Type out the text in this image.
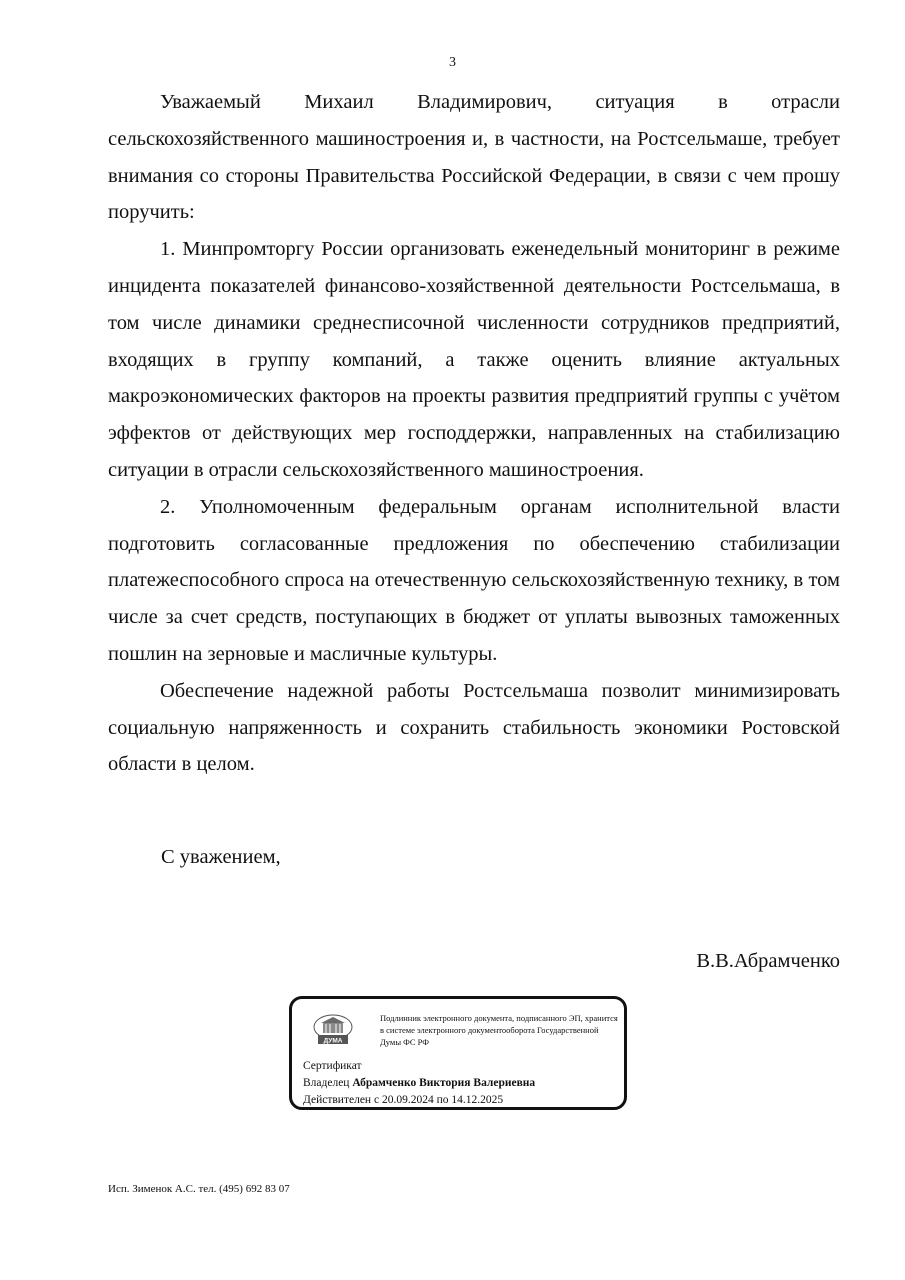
3

Уважаемый Михаил Владимирович, ситуация в отрасли сельскохозяйственного машиностроения и, в частности, на Ростсельмаше, требует внимания со стороны Правительства Российской Федерации, в связи с чем прошу поручить:

1. Минпромторгу России организовать еженедельный мониторинг в режиме инцидента показателей финансово-хозяйственной деятельности Ростсельмаша, в том числе динамики среднесписочной численности сотрудников предприятий, входящих в группу компаний, а также оценить влияние актуальных макроэкономических факторов на проекты развития предприятий группы с учётом эффектов от действующих мер господдержки, направленных на стабилизацию ситуации в отрасли сельскохозяйственного машиностроения.

2. Уполномоченным федеральным органам исполнительной власти подготовить согласованные предложения по обеспечению стабилизации платежеспособного спроса на отечественную сельскохозяйственную технику, в том числе за счет средств, поступающих в бюджет от уплаты вывозных таможенных пошлин на зерновые и масличные культуры.

Обеспечение надежной работы Ростсельмаша позволит минимизировать социальную напряженность и сохранить стабильность экономики Ростовской области в целом.

С уважением,
В.В.Абрамченко
ДУМА
Подлинник электронного документа, подписанного ЭП, хранится в системе электронного документооборота Государственной Думы ФС РФ
Сертификат
Владелец Абрамченко Виктория Валериевна
Действителен с 20.09.2024 по 14.12.2025
Исп. Зименок А.С. тел. (495) 692 83 07
